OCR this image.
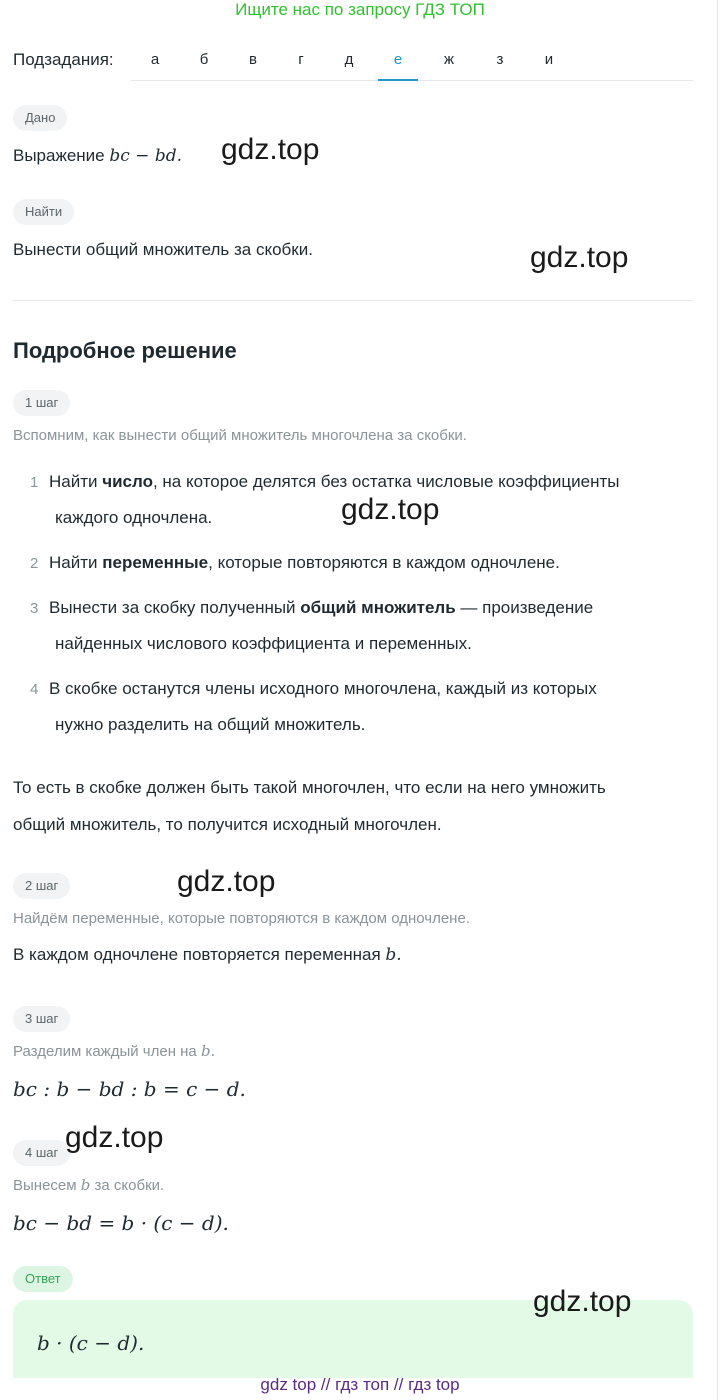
Ищите нас по запросу ГДЗ ТОП
Подзадания:	а	б	в	г	д	е	ж	з	и
Дано
Выражение bc − bd. gdz.top
Найти
Вынести общий множитель за скобки.	gdz.top
Подробное решение
1 шаг
Вспомним, как вынести общий множитель многочлена за скобки.
1 Найти число, на которое делятся без остатка числовые коэффициенты
каждого одночлена.	gdz.top
2 Найти переменные, которые повторяются в каждом одночлене.
3 Вынести за скобку полученный общий множитель — произведение
найденных числового коэффициента и переменных.
4 В скобке останутся члены исходного многочлена, каждый из которых
нужно разделить на общий множитель.
То есть в скобке должен быть такой многочлен, что если на него умножить
общий множитель, то получится исходный многочлен.
2 шаг	gdz.top
Найдём переменные, которые повторяются в каждом одночлене.
В каждом одночлене повторяется переменная b.
3 шаг
Разделим каждый член на b.
bc : b − bd : b = c − d.
4 шаг gdz.top
Вынесем b за скобки.
bc − bd = b · (c − d).
Ответ
b · (c − d).
gdz.top
gdz top // гдз топ // гдз top
